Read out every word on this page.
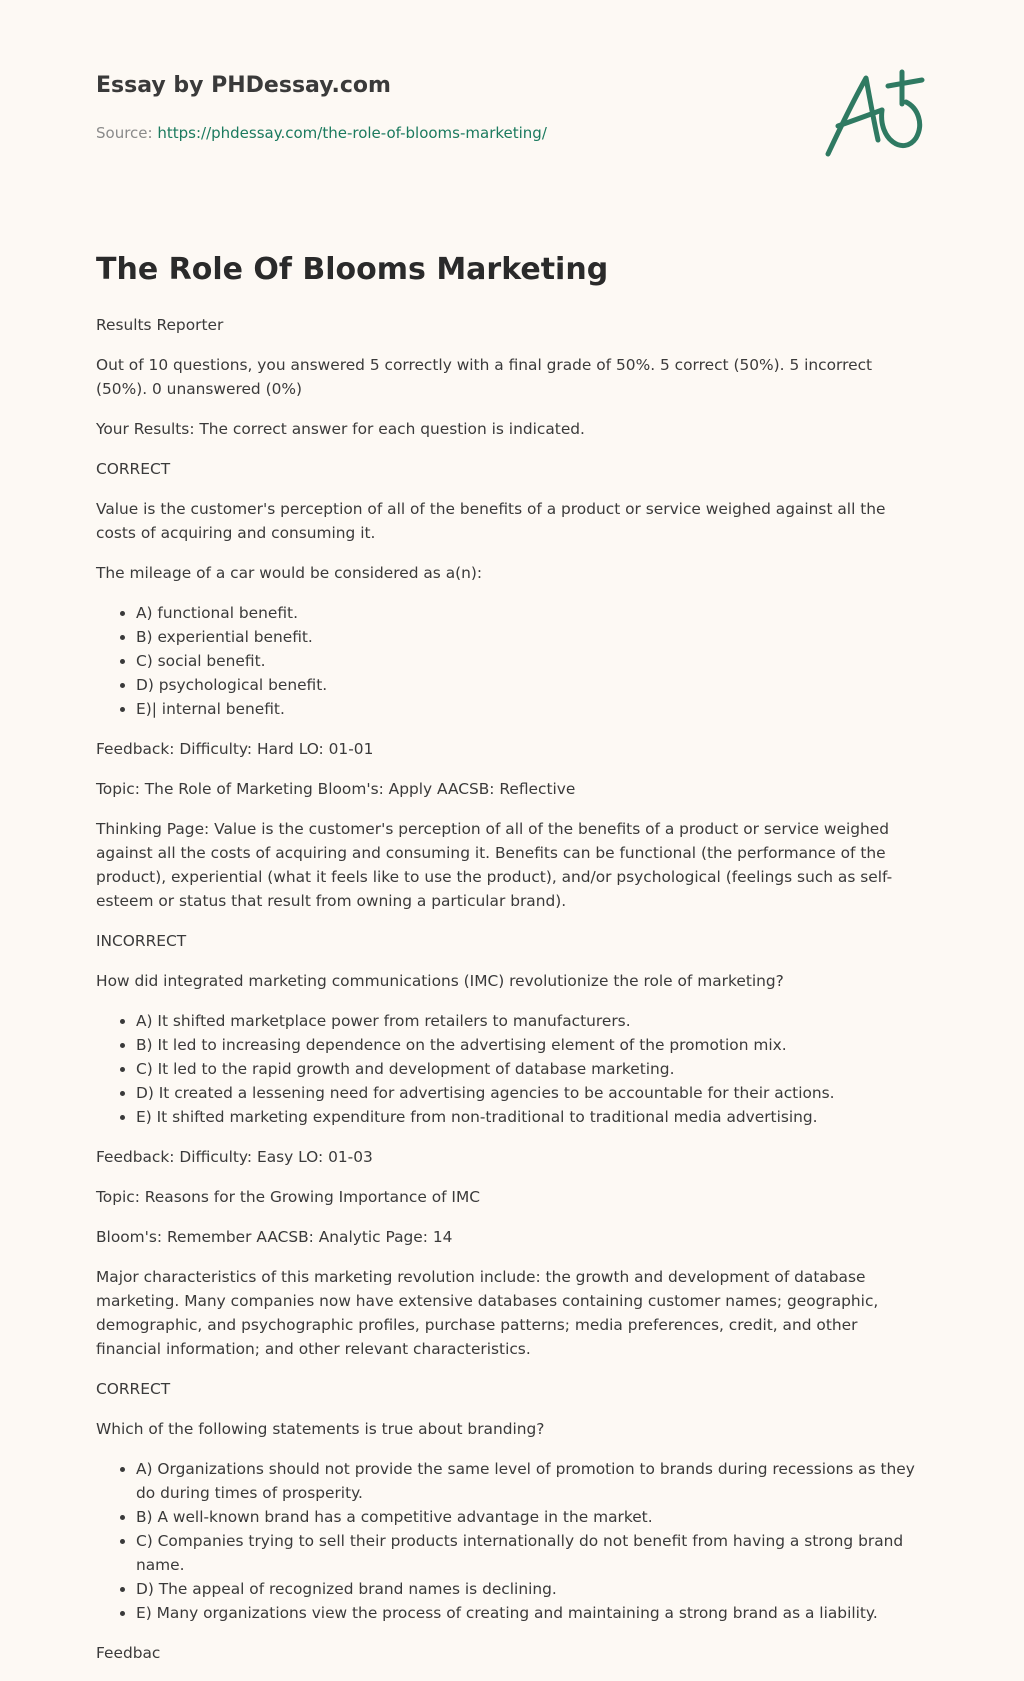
Essay by PHDessay.com
Source: https://phdessay.com/the-role-of-blooms-marketing/
The Role Of Blooms Marketing

Results Reporter

Out of 10 questions, you answered 5 correctly with a final grade of 50%. 5 correct (50%). 5 incorrect (50%). 0 unanswered (0%)

Your Results: The correct answer for each question is indicated.

CORRECT

Value is the customer's perception of all of the benefits of a product or service weighed against all the costs of acquiring and consuming it.

The mileage of a car would be considered as a(n):

• A) functional benefit.
• B) experiential benefit.
• C) social benefit.
• D) psychological benefit.
• E)| internal benefit.

Feedback: Difficulty: Hard LO: 01-01

Topic: The Role of Marketing Bloom's: Apply AACSB: Reflective

Thinking Page: Value is the customer's perception of all of the benefits of a product or service weighed against all the costs of acquiring and consuming it. Benefits can be functional (the performance of the product), experiential (what it feels like to use the product), and/or psychological (feelings such as self-esteem or status that result from owning a particular brand).

INCORRECT

How did integrated marketing communications (IMC) revolutionize the role of marketing?

• A) It shifted marketplace power from retailers to manufacturers.
• B) It led to increasing dependence on the advertising element of the promotion mix.
• C) It led to the rapid growth and development of database marketing.
• D) It created a lessening need for advertising agencies to be accountable for their actions.
• E) It shifted marketing expenditure from non-traditional to traditional media advertising.

Feedback: Difficulty: Easy LO: 01-03

Topic: Reasons for the Growing Importance of IMC

Bloom's: Remember AACSB: Analytic Page: 14

Major characteristics of this marketing revolution include: the growth and development of database marketing. Many companies now have extensive databases containing customer names; geographic, demographic, and psychographic profiles, purchase patterns; media preferences, credit, and other financial information; and other relevant characteristics.

CORRECT

Which of the following statements is true about branding?

• A) Organizations should not provide the same level of promotion to brands during recessions as they do during times of prosperity.
• B) A well-known brand has a competitive advantage in the market.
• C) Companies trying to sell their products internationally do not benefit from having a strong brand name.
• D) The appeal of recognized brand names is declining.
• E) Many organizations view the process of creating and maintaining a strong brand as a liability.

Feedbac
